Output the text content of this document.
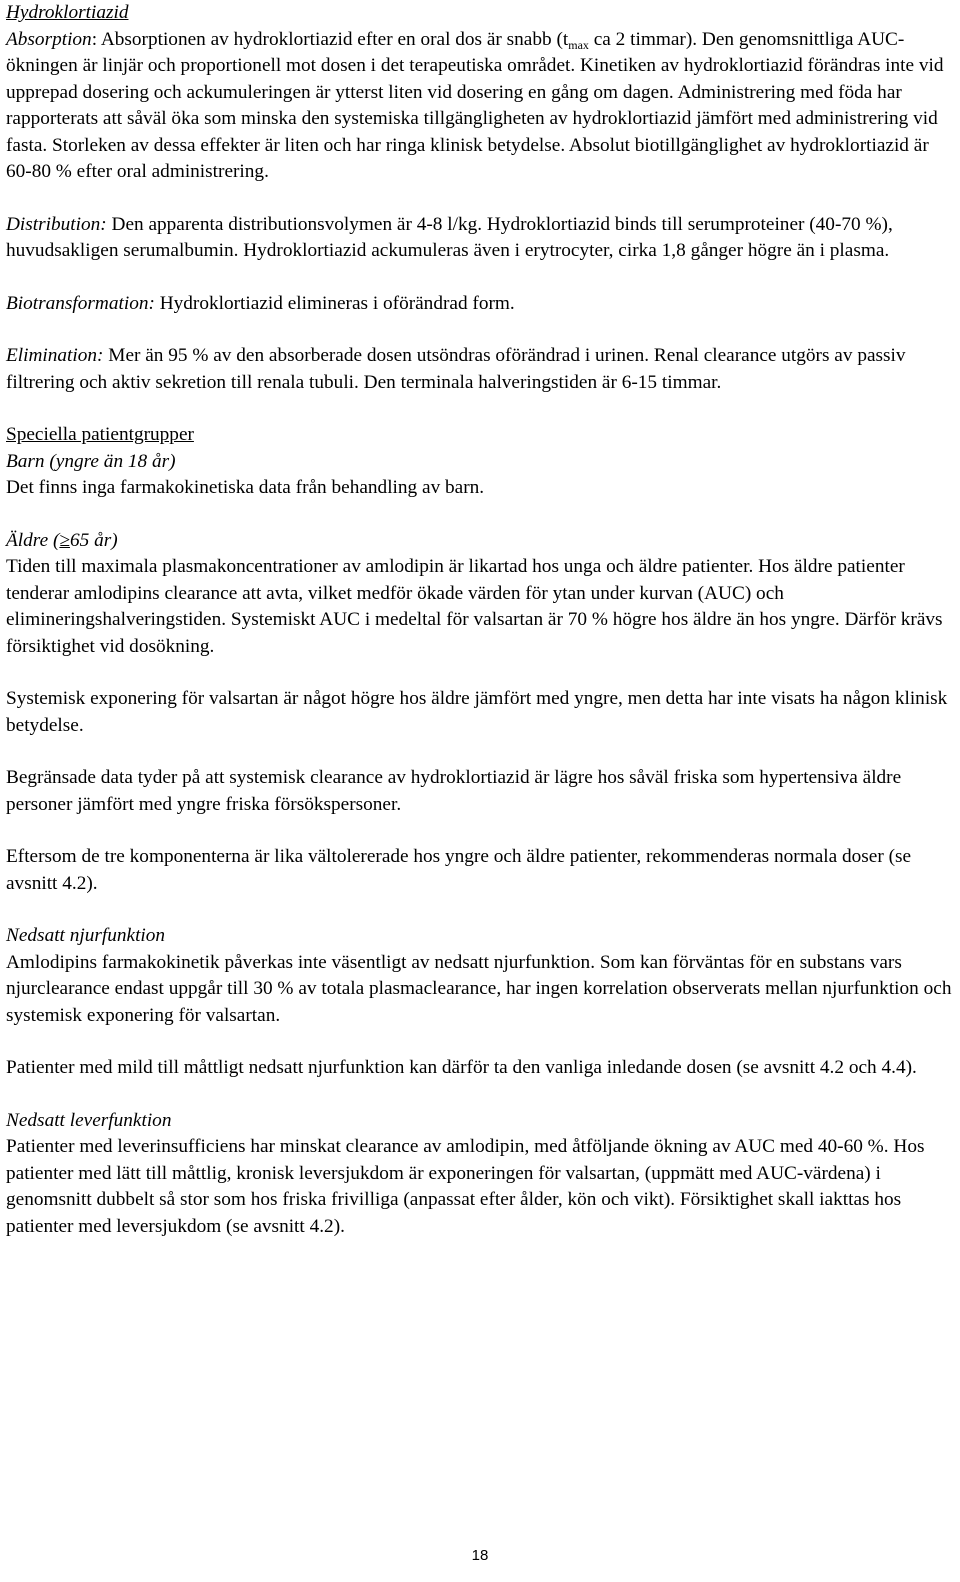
Hydroklortiazid
Absorption: Absorptionen av hydroklortiazid efter en oral dos är snabb ($t_{max}$ ca 2 timmar). Den genomsnittliga AUC-ökningen är linjär och proportionell mot dosen i det terapeutiska området. Kinetiken av hydroklortiazid förändras inte vid upprepad dosering och ackumuleringen är ytterst liten vid dosering en gång om dagen. Administrering med föda har rapporterats att såväl öka som minska den systemiska tillgängligheten av hydroklortiazid jämfört med administrering vid fasta. Storleken av dessa effekter är liten och har ringa klinisk betydelse. Absolut biotillgänglighet av hydroklortiazid är 60-80 % efter oral administrering.
Distribution: Den apparenta distributionsvolymen är 4-8 l/kg. Hydroklortiazid binds till serumproteiner (40-70 %), huvudsakligen serumalbumin. Hydroklortiazid ackumuleras även i erytrocyter, cirka 1,8 gånger högre än i plasma.
Biotransformation: Hydroklortiazid elimineras i oförändrad form.
Elimination: Mer än 95 % av den absorberade dosen utsöndras oförändrad i urinen. Renal clearance utgörs av passiv filtrering och aktiv sekretion till renala tubuli. Den terminala halveringstiden är 6-15 timmar.
Speciella patientgrupper
Barn (yngre än 18 år)
Det finns inga farmakokinetiska data från behandling av barn.
Äldre (≥65 år)
Tiden till maximala plasmakoncentrationer av amlodipin är likartad hos unga och äldre patienter. Hos äldre patienter tenderar amlodipins clearance att avta, vilket medför ökade värden för ytan under kurvan (AUC) och elimineringshalveringstiden. Systemiskt AUC i medeltal för valsartan är 70 % högre hos äldre än hos yngre. Därför krävs försiktighet vid dosökning.
Systemisk exponering för valsartan är något högre hos äldre jämfört med yngre, men detta har inte visats ha någon klinisk betydelse.
Begränsade data tyder på att systemisk clearance av hydroklortiazid är lägre hos såväl friska som hypertensiva äldre personer jämfört med yngre friska försökspersoner.
Eftersom de tre komponenterna är lika vältolererade hos yngre och äldre patienter, rekommenderas normala doser (se avsnitt 4.2).
Nedsatt njurfunktion
Amlodipins farmakokinetik påverkas inte väsentligt av nedsatt njurfunktion. Som kan förväntas för en substans vars njurclearance endast uppgår till 30 % av totala plasmaclearance, har ingen korrelation observerats mellan njurfunktion och systemisk exponering för valsartan.
Patienter med mild till måttligt nedsatt njurfunktion kan därför ta den vanliga inledande dosen (se avsnitt 4.2 och 4.4).
Nedsatt leverfunktion
Patienter med leverinsufficiens har minskat clearance av amlodipin, med åtföljande ökning av AUC med 40-60 %. Hos patienter med lätt till måttlig, kronisk leversjukdom är exponeringen för valsartan, (uppmätt med AUC-värdena) i genomsnitt dubbelt så stor som hos friska frivilliga (anpassat efter ålder, kön och vikt). Försiktighet skall iakttas hos patienter med leversjukdom (se avsnitt 4.2).
18
